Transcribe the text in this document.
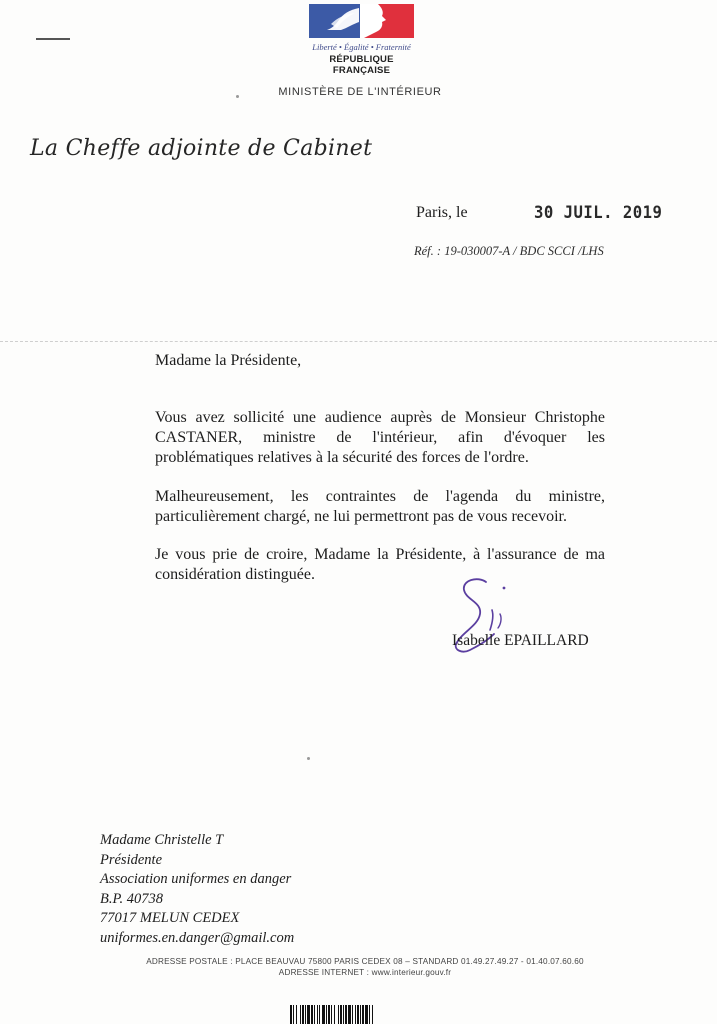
Liberté • Égalité • Fraternité
RÉPUBLIQUE FRANÇAISE
MINISTÈRE DE L'INTÉRIEUR
La Cheffe adjointe de Cabinet
Paris, le	30 JUIL. 2019
Réf. : 19-030007-A / BDC SCCI /LHS
Madame la Présidente,
Vous avez sollicité une audience auprès de Monsieur Christophe CASTANER, ministre de l'intérieur, afin d'évoquer les problématiques relatives à la sécurité des forces de l'ordre.
Malheureusement, les contraintes de l'agenda du ministre, particulièrement chargé, ne lui permettront pas de vous recevoir.
Je vous prie de croire, Madame la Présidente, à l'assurance de ma considération distinguée.
Isabelle EPAILLARD
Madame Christelle T
Présidente
Association uniformes en danger
B.P. 40738
77017 MELUN CEDEX
uniformes.en.danger@gmail.com
ADRESSE POSTALE : PLACE BEAUVAU 75800 PARIS CEDEX 08 – STANDARD 01.49.27.49.27 - 01.40.07.60.60
ADRESSE INTERNET : www.interieur.gouv.fr
